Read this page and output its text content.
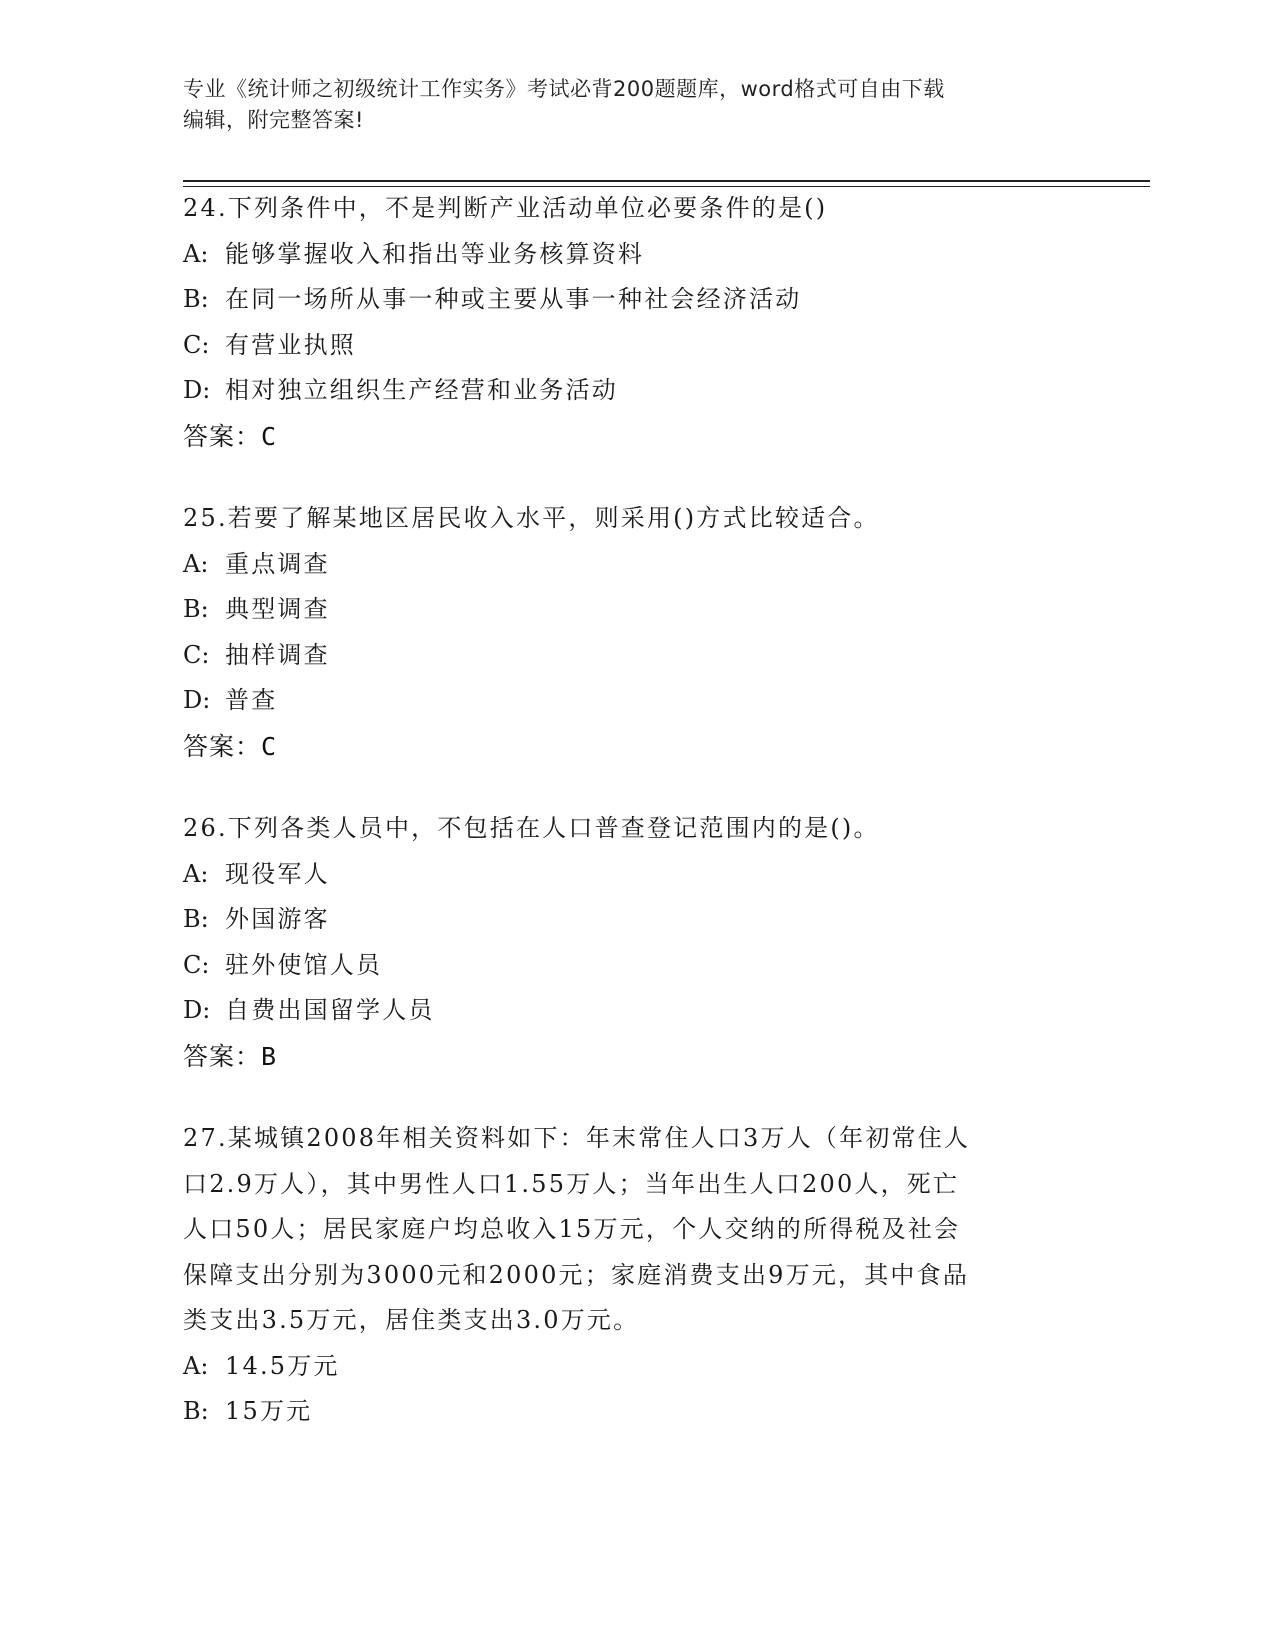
专业《统计师之初级统计工作实务》考试必背200题题库，word格式可自由下载
编辑，附完整答案!
24.下列条件中，不是判断产业活动单位必要条件的是()
A: 能够掌握收入和指出等业务核算资料
B: 在同一场所从事一种或主要从事一种社会经济活动
C: 有营业执照
D: 相对独立组织生产经营和业务活动
答案：C
25.若要了解某地区居民收入水平，则采用()方式比较适合。
A: 重点调查
B: 典型调查
C: 抽样调查
D: 普查
答案：C
26.下列各类人员中，不包括在人口普查登记范围内的是()。
A: 现役军人
B: 外国游客
C: 驻外使馆人员
D: 自费出国留学人员
答案：B
27.某城镇2008年相关资料如下：年末常住人口3万人（年初常住人
口2.9万人），其中男性人口1.55万人；当年出生人口200人，死亡
人口50人；居民家庭户均总收入15万元，个人交纳的所得税及社会
保障支出分别为3000元和2000元；家庭消费支出9万元，其中食品
类支出3.5万元，居住类支出3.0万元。
A: 14.5万元
B: 15万元
